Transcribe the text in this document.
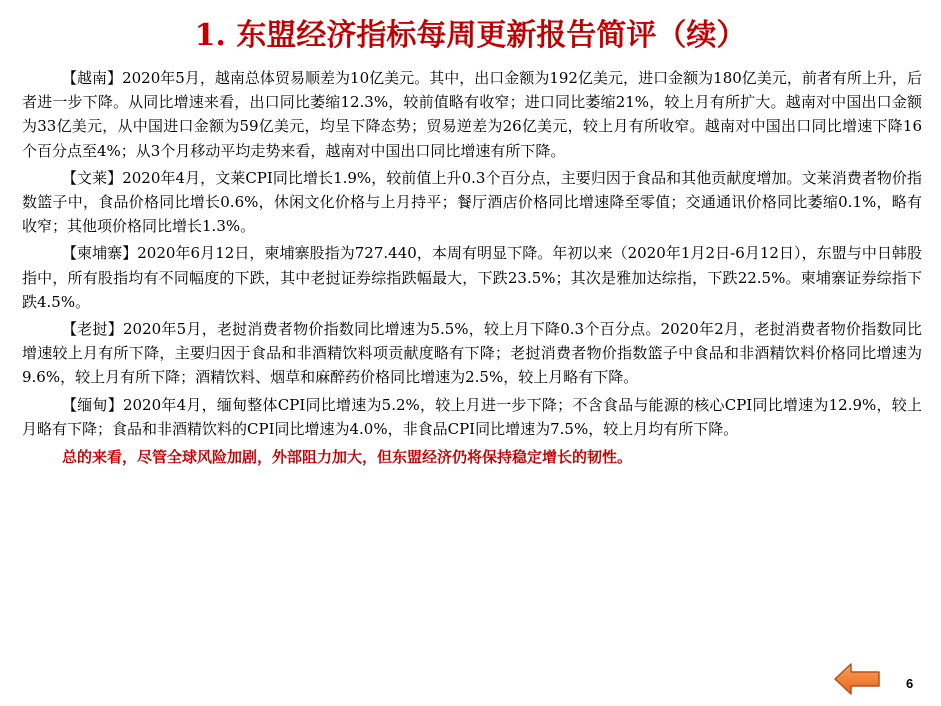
1. 东盟经济指标每周更新报告简评（续）

【越南】2020年5月，越南总体贸易顺差为10亿美元。其中，出口金额为192亿美元，进口金额为180亿美元，前者有所上升，后者进一步下降。从同比增速来看，出口同比萎缩12.3%，较前值略有收窄；进口同比萎缩21%，较上月有所扩大。越南对中国出口金额为33亿美元，从中国进口金额为59亿美元，均呈下降态势；贸易逆差为26亿美元，较上月有所收窄。越南对中国出口同比增速下降16个百分点至4%；从3个月移动平均走势来看，越南对中国出口同比增速有所下降。

【文莱】2020年4月，文莱CPI同比增长1.9%，较前值上升0.3个百分点，主要归因于食品和其他贡献度增加。文莱消费者物价指数篮子中，食品价格同比增长0.6%，休闲文化价格与上月持平；餐厅酒店价格同比增速降至零值；交通通讯价格同比萎缩0.1%，略有收窄；其他项价格同比增长1.3%。

【柬埔寨】2020年6月12日，柬埔寨股指为727.440，本周有明显下降。年初以来（2020年1月2日-6月12日），东盟与中日韩股指中，所有股指均有不同幅度的下跌，其中老挝证券综指跌幅最大，下跌23.5%；其次是雅加达综指，下跌22.5%。柬埔寨证券综指下跌4.5%。

【老挝】2020年5月，老挝消费者物价指数同比增速为5.5%，较上月下降0.3个百分点。2020年2月，老挝消费者物价指数同比增速较上月有所下降，主要归因于食品和非酒精饮料项贡献度略有下降；老挝消费者物价指数篮子中食品和非酒精饮料价格同比增速为9.6%，较上月有所下降；酒精饮料、烟草和麻醉药价格同比增速为2.5%，较上月略有下降。

【缅甸】2020年4月，缅甸整体CPI同比增速为5.2%，较上月进一步下降；不含食品与能源的核心CPI同比增速为12.9%，较上月略有下降；食品和非酒精饮料的CPI同比增速为4.0%，非食品CPI同比增速为7.5%，较上月均有所下降。

总的来看，尽管全球风险加剧，外部阻力加大，但东盟经济仍将保持稳定增长的韧性。

6
